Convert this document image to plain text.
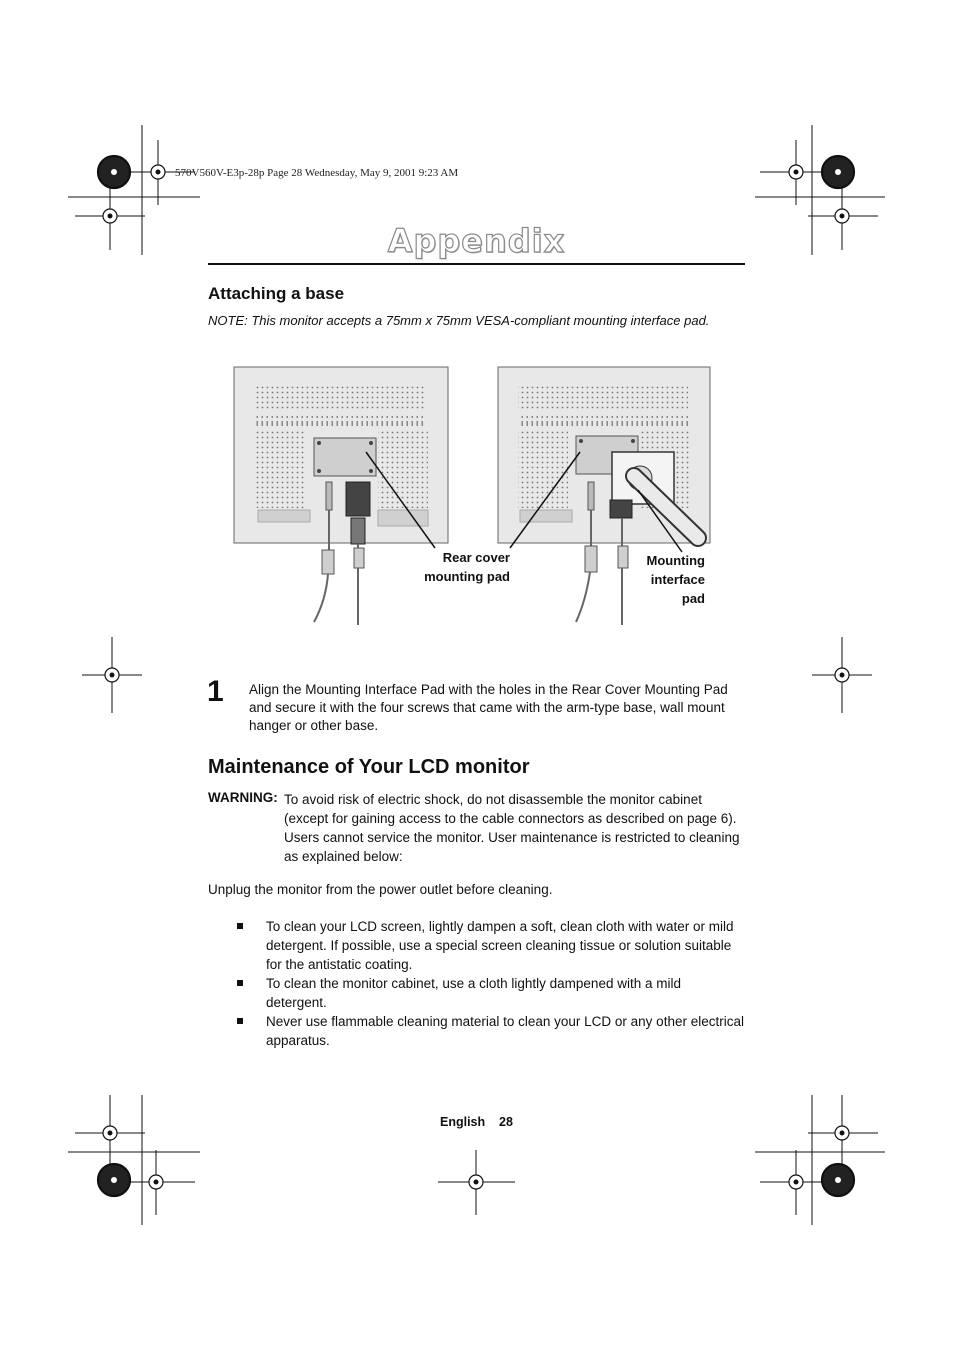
570V560V-E3p-28p Page 28 Wednesday, May 9, 2001 9:23 AM
Appendix
Attaching a base
NOTE: This monitor accepts a 75mm x 75mm VESA-compliant mounting interface pad.
Rear cover
mounting pad
Mounting
interface
pad
1 Align the Mounting Interface Pad with the holes in the Rear Cover Mounting Pad and secure it with the four screws that came with the arm-type base, wall mount hanger or other base.
Maintenance of Your LCD monitor
WARNING: To avoid risk of electric shock, do not disassemble the monitor cabinet (except for gaining access to the cable connectors as described on page 6). Users cannot service the monitor. User maintenance is restricted to cleaning as explained below:
Unplug the monitor from the power outlet before cleaning.
To clean your LCD screen, lightly dampen a soft, clean cloth with water or mild detergent. If possible, use a special screen cleaning tissue or solution suitable for the antistatic coating.
To clean the monitor cabinet, use a cloth lightly dampened with a mild detergent.
Never use flammable cleaning material to clean your LCD or any other electrical apparatus.
English 28
